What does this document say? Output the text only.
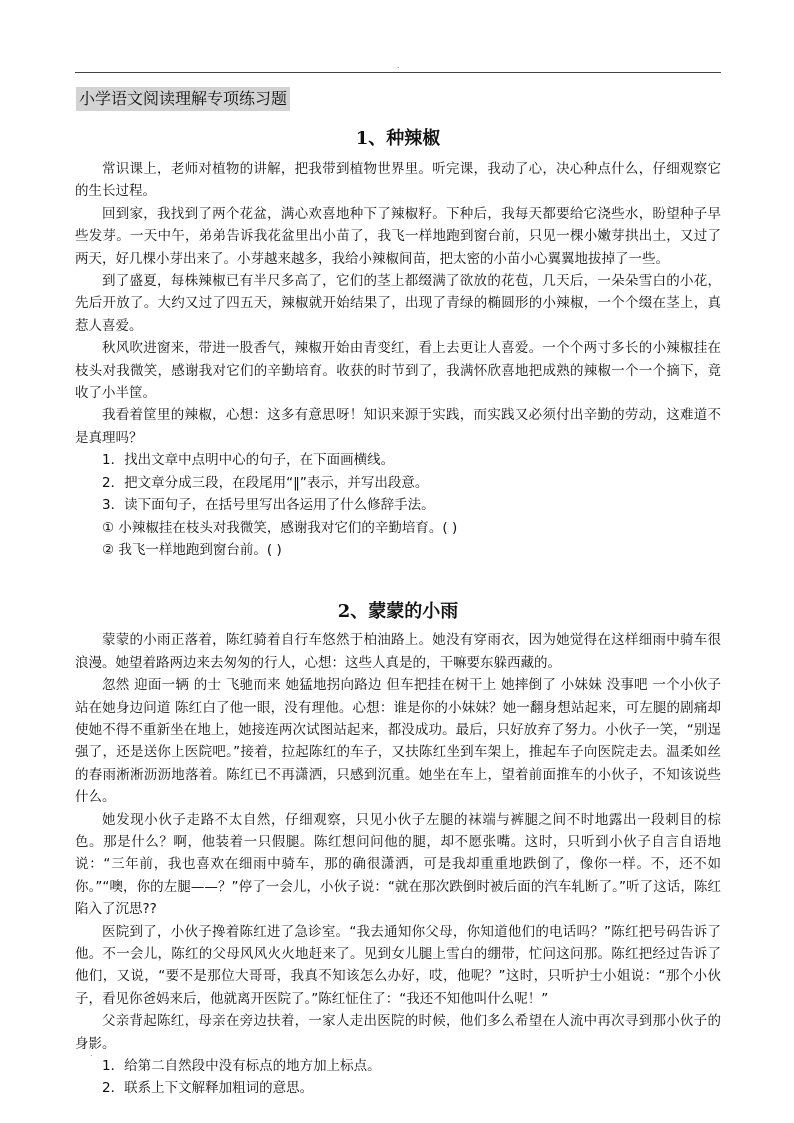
.
小学语文阅读理解专项练习题
1、种辣椒

常识课上，老师对植物的讲解，把我带到植物世界里。听完课，我动了心，决心种点什么，仔细观察它的生长过程。

回到家，我找到了两个花盆，满心欢喜地种下了辣椒籽。下种后，我每天都要给它浇些水，盼望种子早些发芽。一天中午，弟弟告诉我花盆里出小苗了，我飞一样地跑到窗台前，只见一棵小嫩芽拱出土，又过了两天，好几棵小芽出来了。小芽越来越多，我给小辣椒间苗，把太密的小苗小心翼翼地拔掉了一些。

到了盛夏，每株辣椒已有半尺多高了，它们的茎上都缀满了欲放的花苞，几天后，一朵朵雪白的小花，先后开放了。大约又过了四五天，辣椒就开始结果了，出现了青绿的椭圆形的小辣椒，一个个缀在茎上，真惹人喜爱。

秋风吹进窗来，带进一股香气，辣椒开始由青变红，看上去更让人喜爱。一个个两寸多长的小辣椒挂在枝头对我微笑，感谢我对它们的辛勤培育。收获的时节到了，我满怀欣喜地把成熟的辣椒一个一个摘下，竟收了小半筐。

我看着筐里的辣椒，心想：这多有意思呀！知识来源于实践，而实践又必须付出辛勤的劳动，这难道不是真理吗？

1．找出文章中点明中心的句子，在下面画横线。
2．把文章分成三段，在段尾用“‖”表示，并写出段意。
3．读下面句子，在括号里写出各运用了什么修辞手法。
① 小辣椒挂在枝头对我微笑，感谢我对它们的辛勤培育。( )
② 我飞一样地跑到窗台前。( )
2、蒙蒙的小雨

蒙蒙的小雨正落着，陈红骑着自行车悠然于柏油路上。她没有穿雨衣，因为她觉得在这样细雨中骑车很浪漫。她望着路两边来去匆匆的行人，心想：这些人真是的，干嘛要东躲西藏的。

忽然 迎面一辆 的士 飞驰而来 她猛地拐向路边 但车把挂在树干上 她摔倒了 小妹妹 没事吧 一个小伙子站在她身边问道 陈红白了他一眼，没有理他。心想：谁是你的小妹妹？她一翻身想站起来，可左腿的剧痛却使她不得不重新坐在地上，她接连两次试图站起来，都没成功。最后，只好放弃了努力。小伙子一笑，“别逞强了，还是送你上医院吧。”接着，拉起陈红的车子，又扶陈红坐到车架上，推起车子向医院走去。温柔如丝的春雨淅淅沥沥地落着。陈红已不再潇洒，只感到沉重。她坐在车上，望着前面推车的小伙子，不知该说些什么。

她发现小伙子走路不太自然，仔细观察，只见小伙子左腿的袜端与裤腿之间不时地露出一段刺目的棕色。那是什么？啊，他装着一只假腿。陈红想问问他的腿，却不愿张嘴。这时，只听到小伙子自言自语地说：“三年前，我也喜欢在细雨中骑车，那的确很潇洒，可是我却重重地跌倒了，像你一样。不，还不如你。”“噢，你的左腿——？”停了一会儿，小伙子说：“就在那次跌倒时被后面的汽车轧断了。”听了这话，陈红陷入了沉思??

医院到了，小伙子搀着陈红进了急诊室。“我去通知你父母，你知道他们的电话吗？”陈红把号码告诉了他。不一会儿，陈红的父母风风火火地赶来了。见到女儿腿上雪白的绷带，忙问这问那。陈红把经过告诉了他们，又说，“要不是那位大哥哥，我真不知该怎么办好，哎，他呢？”这时，只听护士小姐说：“那个小伙子，看见你爸妈来后，他就离开医院了。”陈红怔住了：“我还不知他叫什么呢！”

父亲背起陈红，母亲在旁边扶着，一家人走出医院的时候，他们多么希望在人流中再次寻到那小伙子的身影。

1．给第二自然段中没有标点的地方加上标点。
2．联系上下文解释加粗词的意思。
.
